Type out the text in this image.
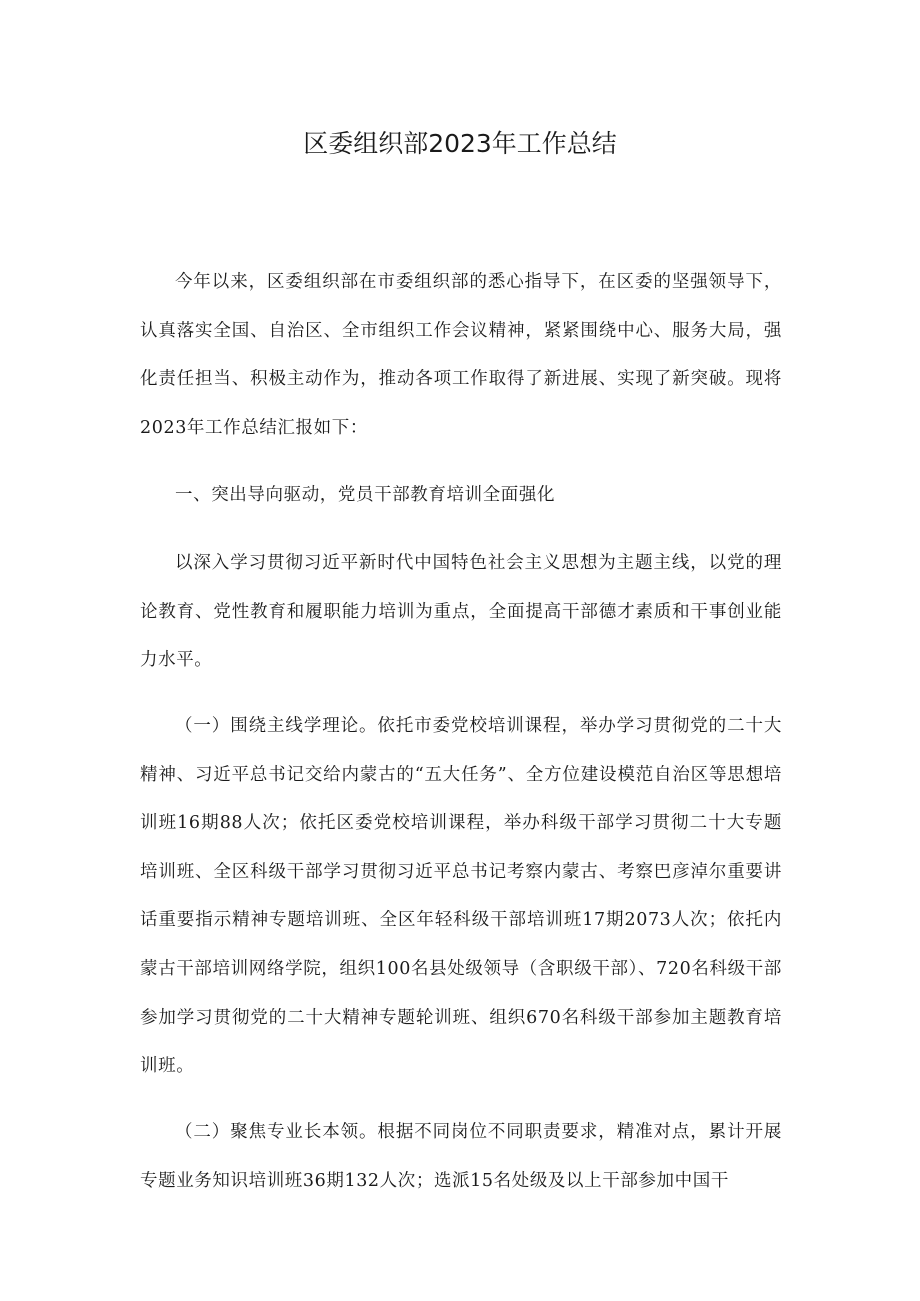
区委组织部2023年工作总结

今年以来，区委组织部在市委组织部的悉心指导下，在区委的坚强领导下，认真落实全国、自治区、全市组织工作会议精神，紧紧围绕中心、服务大局，强化责任担当、积极主动作为，推动各项工作取得了新进展、实现了新突破。现将2023年工作总结汇报如下：

一、突出导向驱动，党员干部教育培训全面强化

以深入学习贯彻习近平新时代中国特色社会主义思想为主题主线，以党的理论教育、党性教育和履职能力培训为重点，全面提高干部德才素质和干事创业能力水平。

（一）围绕主线学理论。依托市委党校培训课程，举办学习贯彻党的二十大精神、习近平总书记交给内蒙古的“五大任务”、全方位建设模范自治区等思想培训班16期88人次；依托区委党校培训课程，举办科级干部学习贯彻二十大专题培训班、全区科级干部学习贯彻习近平总书记考察内蒙古、考察巴彦淖尔重要讲话重要指示精神专题培训班、全区年轻科级干部培训班17期2073人次；依托内蒙古干部培训网络学院，组织100名县处级领导（含职级干部）、720名科级干部参加学习贯彻党的二十大精神专题轮训班、组织670名科级干部参加主题教育培训班。

（二）聚焦专业长本领。根据不同岗位不同职责要求，精准对点，累计开展专题业务知识培训班36期132人次；选派15名处级及以上干部参加中国干
